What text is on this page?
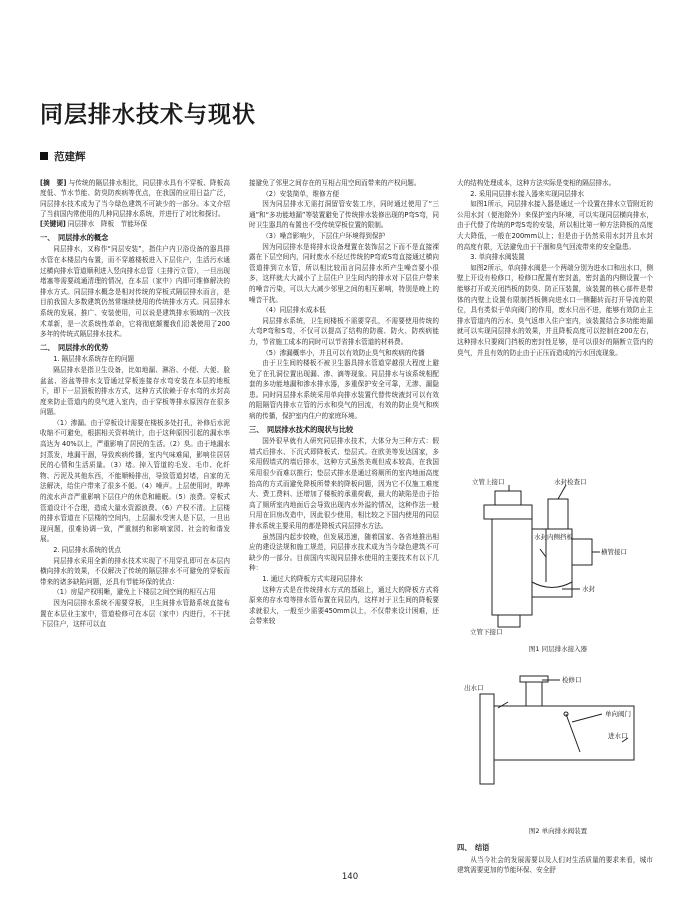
同层排水技术与现状
范建辉

[摘　要] 与传统的隔层排水相比，同层排水具有不穿板、降板高度低、节水节能、防臭防疾病等优点，在我国的应用日益广泛，同层排水技术成为了当今绿色建筑不可缺少的一部分。本文介绍了当前国内常使用的几种同层排水系统，并进行了对比和探讨。

[关键词] 同层排水　降板　节能环保

一、　同层排水的概念

同层排水，又称作“同层安装”，指住户内卫浴设备的器具排水管在本楼层内布置，而不穿越楼板进入下层住户，生活污水通过横向排水管道顺利进入竖向排水总管（主排污立管），一旦出现堵塞等需要疏通清理的情况，在本层（家中）内即可维修解决的排水方式。同层排水概念是相对传统的穿板式隔层排水而言，是目前我国大多数建筑仍然常继续使用的传统排水方式。同层排水系统的发展、推广、安装使用，可以说是建筑排水领域的一次技术革新，是一次系统性革命，它将彻底颠覆我们沿袭使用了200多年的传统式隔层排水技术。

二、　同层排水的优势

1. 隔层排水系统存在的问题

隔层排水是指卫生设备，比如地漏、淋浴、小便、大便、脸盆盆、浴盆等排水支管通过穿板连接存水弯安装在本层的地板下，即下一层顶板的排水方式，这种方式依赖于存水弯的水封高度来防止管道内的臭气进入室内，由于穿板等排水原因存在很多问题。

（1）渗漏。由于穿板设计需要在楼板多处打孔，补修后水泥收缩不可避免，根据相关资料统计，由于这种原因引起的漏水率高达为 40%以上，严重影响了居民的生活。（2）臭。由于地漏水封蒸发，地漏干涸，导致疾病传播，室内气味难闻，影响住居居民的心情和生活质量。（3）堵。掉入管道的毛发、毛巾、化纤物、污泥及其他东西，不能顺畅排出，导致管道封堵，自家的无法解决，给住户带来了很多不便。（4）噪声。上层使用时，哗哗的流水声音严重影响下层住户的休息和睡眠。（5）浪费。穿板式管道设计不合理，造成大量水资源浪费。（6）产权不清。上层楼的排水管道在下层楼的空间内，上层漏水受害人是下层，一旦出现问题，很难协调一致，严重制约和影响家园、社会的和谐发展。

2. 同层排水系统的优点

同层排水采用全新的排水技术实现了不用穿孔即可在本层内横向排水的效果，不仅解决了传统的隔层排水不可避免的穿板而带来的诸多缺陷问题，还具有节能环保的优点：

（1）房屋产权明晰，避免上下楼层之间空间的相互占用

因为同层排水系统不需要穿板，卫生间排水管路系统直接布置在本层业主家中，管道检修可在本层（家中）内进行，不干扰下层住户，这样可以直

接避免了邻里之间存在的互相占用空间而带来的产权问题。

（2）安装简单，维修方便

因为同层排水无需打洞留管安装工序，同时通过使用了“三通”和“多功能地漏”等装置避免了传统排水装修出现的P弯S弯，同时卫生器具的布置也不受传统穿板位置的限制。

（3）噪音影响少，下层住户环境得到保护

因为同层排水是将排水设备埋置在装饰层之下而不是直接裸露在下层空间内，同时废水不经过传统的P弯或S弯直接通过横向管道排到立水管，所以相比较而言同层排水所产生噪音要小很多，这样就大大减小了上层住户卫生间内的排水对下层住户带来的噪音污染，可以大大减少邻里之间的相互影响，特别是晚上的噪音干扰。

（4）同层排水成本低

同层排水系统，卫生间楼板不需要穿孔，不需要使用传统的大弯P弯和S弯，不仅可以提高了结构的防震、防火、防疾病能力，节省施工成本的同时可以节省排水管道的材料费。

（5）渗漏概率小，并且可以有效防止臭气和疾病的传播

由于卫生间的楼板不被卫生器具排水管道穿越很大程度上避免了在孔洞位置出现漏、渗、滴等现象。同层排水与该系统相配套的多功能地漏和渗水排水器，多重保护安全可靠，无渗、漏隐患。同时同层排水系统采用单向排水装置代替传统液封可以有效的阻隔管内排水立管的污水和臭气的回流，有效的防止臭气和疾病的传播，保护室内住户的家庭环境。

三、　同层排水技术的现状与比较

国外很早就有人研究同层排水技术，大体分为三种方式：假墙式后排水、下沉式即降板式、垫层式。在欧美等发达国家，多采用假墙式的墙后排水，这种方式虽然美观但成本较高，在我国采用很少而难以推行；垫层式排水是通过将厕所的室内地面高度抬高的方式而避免降板所带来的降板问题，因为它不仅施工难度大、费工费料、还增加了楼板的承重荷载，最大的缺陷是由于抬高了厕所室内地面后会导致出现内水外溢的情况，这种作法一般只用在旧房改造中，因此很少使用，相比较之下国内使用的同层排水系统主要采用的都是降板式同层排水方法。

虽然国内起步较晚，但发展迅速，随着国家、各省地推出相应的建设法规和施工规范，同层排水技术成为当今绿色建筑不可缺少的一部分。目前国内实现同层排水使用的主要技术有以下几种：

1. 通过大的降板方式实现同层排水

这种方式是在传统排水方式的基础上，通过大的降板方式将原来的存水弯等排水管布置在同层内，这样对于卫生间的降板要求就很大，一般至少需要450mm以上，不仅带来设计困难，还会带来较

大的结构处理成本，这种方法实际是变相的隔层排水。

2. 采用同层排水接入器来实现同层排水

如图1所示，同层排水接入器是通过一个设置在排水立管附近的公用水封（便池除外）来保护室内环境，可以实现同层横向排水，由于代替了传统的P弯S弯的安装，所以相比第一种方法降板的高度大大降低，一般在200mm以上；但是由于仍然采用水封并且水封的高度有限，无法避免由于干涸和臭气回流带来的安全隐患。

3. 单向排水阀装置

如图2所示，单向排水阀是一个两端分别为进水口和出水口，侧壁上开设有检修口，检修口配置有密封盖，密封盖的内侧设置一个能够打开或关闭挡板的防臭、防正压装置，该装置的核心部件是带体的内壁上设置有限制挡板侧向进水口一侧翻转而打开导流的限位，具有类似于单向阀门的作用，废水只出不进，能够有效防止主排水管道内的污水、臭气返串入住户室内，该装置结合多功能地漏就可以实现同层排水的效果，并且降板高度可以控制在200左右，这种排水只要阀门挡板的密封性足够，是可以很好的隔断立管内的臭气，并且有效的防止由于正压而造成的污水回流现象。

立管上接口	水封检查口
水封内侧挡板
横管接口
水封
立管下接口
图1 同层排水接入器
出水口
检修口
单向阀门
进水口
图2 单向排水阀装置
四、　结语

从当今社会的发展需要以及人们对生活质量的要求来看，城市建筑需要更加的节能环保、安全舒

140
